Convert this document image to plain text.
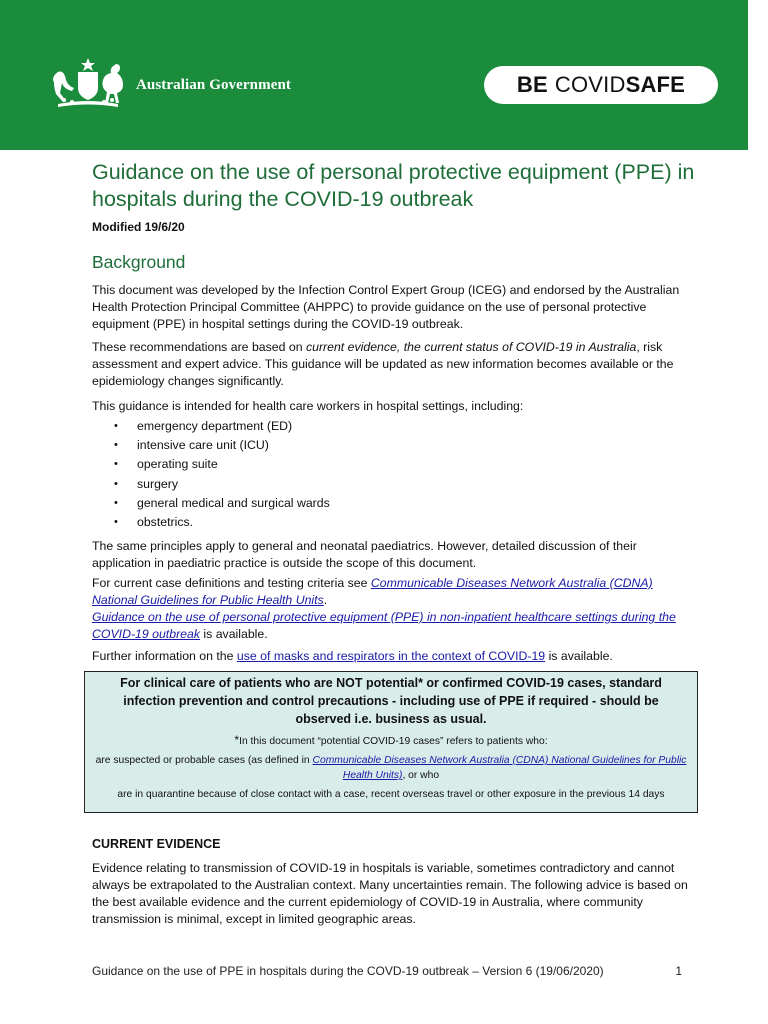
Australian Government	BE COVID SAFE
Guidance on the use of personal protective equipment (PPE) in hospitals during the COVID-19 outbreak

Modified 19/6/20

Background

This document was developed by the Infection Control Expert Group (ICEG) and endorsed by the Australian Health Protection Principal Committee (AHPPC) to provide guidance on the use of personal protective equipment (PPE) in hospital settings during the COVID-19 outbreak.

These recommendations are based on current evidence, the current status of COVID-19 in Australia, risk assessment and expert advice. This guidance will be updated as new information becomes available or the epidemiology changes significantly.

This guidance is intended for health care workers in hospital settings, including:

• emergency department (ED)
• intensive care unit (ICU)
• operating suite
• surgery
• general medical and surgical wards
• obstetrics.

The same principles apply to general and neonatal paediatrics. However, detailed discussion of their application in paediatric practice is outside the scope of this document.

For current case definitions and testing criteria see Communicable Diseases Network Australia (CDNA) National Guidelines for Public Health Units.

Guidance on the use of personal protective equipment (PPE) in non-inpatient healthcare settings during the COVID-19 outbreak is available.

Further information on the use of masks and respirators in the context of COVID-19 is available.

For clinical care of patients who are NOT potential* or confirmed COVID-19 cases, standard infection prevention and control precautions - including use of PPE if required - should be observed i.e. business as usual.

*In this document “potential COVID-19 cases” refers to patients who:

are suspected or probable cases (as defined in Communicable Diseases Network Australia (CDNA) National Guidelines for Public Health Units), or who

are in quarantine because of close contact with a case, recent overseas travel or other exposure in the previous 14 days

CURRENT EVIDENCE

Evidence relating to transmission of COVID-19 in hospitals is variable, sometimes contradictory and cannot always be extrapolated to the Australian context. Many uncertainties remain. The following advice is based on the best available evidence and the current epidemiology of COVID-19 in Australia, where community transmission is minimal, except in limited geographic areas.

Guidance on the use of PPE in hospitals during the COVD-19 outbreak – Version 6 (19/06/2020)	1
